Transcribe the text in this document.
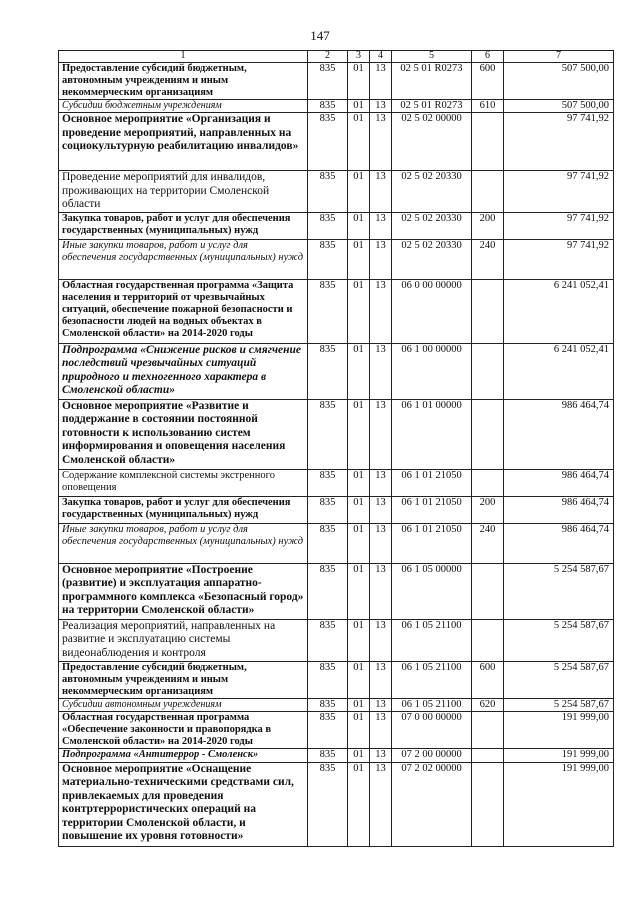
147
1	2	3	4	5	6	7
Предоставление субсидий бюджетным, автономным учреждениям и иным некоммерческим организациям	835	01	13	02 5 01 R0273	600	507 500,00
Субсидии бюджетным учреждениям	835	01	13	02 5 01 R0273	610	507 500,00
Основное мероприятие «Организация и проведение мероприятий, направленных на социокультурную реабилитацию инвалидов»	835	01	13	02 5 02 00000		97 741,92
Проведение мероприятий для инвалидов, проживающих на территории Смоленской области	835	01	13	02 5 02 20330		97 741,92
Закупка товаров, работ и услуг для обеспечения государственных (муниципальных) нужд	835	01	13	02 5 02 20330	200	97 741,92
Иные закупки товаров, работ и услуг для обеспечения государственных (муниципальных) нужд	835	01	13	02 5 02 20330	240	97 741,92
Областная государственная программа «Защита населения и территорий от чрезвычайных ситуаций, обеспечение пожарной безопасности и безопасности людей на водных объектах в Смоленской области» на 2014-2020 годы	835	01	13	06 0 00 00000		6 241 052,41
Подпрограмма «Снижение рисков и смягчение последствий чрезвычайных ситуаций природного и техногенного характера в Смоленской области»	835	01	13	06 1 00 00000		6 241 052,41
Основное мероприятие «Развитие и поддержание в состоянии постоянной готовности к использованию систем информирования и оповещения населения Смоленской области»	835	01	13	06 1 01 00000		986 464,74
Содержание комплексной системы экстренного оповещения	835	01	13	06 1 01 21050		986 464,74
Закупка товаров, работ и услуг для обеспечения государственных (муниципальных) нужд	835	01	13	06 1 01 21050	200	986 464,74
Иные закупки товаров, работ и услуг для обеспечения государственных (муниципальных) нужд	835	01	13	06 1 01 21050	240	986 464,74
Основное мероприятие «Построение (развитие) и эксплуатация аппаратно-программного комплекса «Безопасный город» на территории Смоленской области»	835	01	13	06 1 05 00000		5 254 587,67
Реализация мероприятий, направленных на развитие и эксплуатацию системы видеонаблюдения и контроля	835	01	13	06 1 05 21100		5 254 587,67
Предоставление субсидий бюджетным, автономным учреждениям и иным некоммерческим организациям	835	01	13	06 1 05 21100	600	5 254 587,67
Субсидии автономным учреждениям	835	01	13	06 1 05 21100	620	5 254 587,67
Областная государственная программа «Обеспечение законности и правопорядка в Смоленской области» на 2014-2020 годы	835	01	13	07 0 00 00000		191 999,00
Подпрограмма «Антитеррор - Смоленск»	835	01	13	07 2 00 00000		191 999,00
Основное мероприятие «Оснащение материально-техническими средствами сил, привлекаемых для проведения контртеррористических операций на территории Смоленской области, и повышение их уровня готовности»	835	01	13	07 2 02 00000		191 999,00
